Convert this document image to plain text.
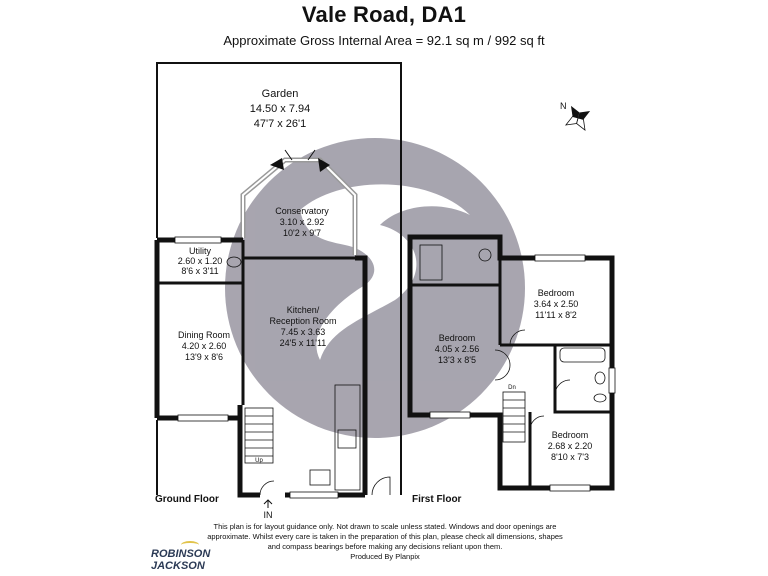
Vale Road, DA1
Approximate Gross Internal Area = 92.1 sq m / 992 sq ft
N
Garden
14.50 x 7.94
47'7 x 26'1
Conservatory
3.10 x 2.92
10'2 x 9'7
Utility
2.60 x 1.20
8'6 x 3'11
Kitchen/
Reception Room
7.45 x 3.63
24'5 x 11'11
Dining Room
4.20 x 2.60
13'9 x 8'6
Up
IN
Ground Floor
Bedroom
3.64 x 2.50
11'11 x 8'2
Bedroom
4.05 x 2.56
13'3 x 8'5
Bedroom
2.68 x 2.20
8'10 x 7'3
Dn
First Floor
This plan is for layout guidance only. Not drawn to scale unless stated. Windows and door openings are approximate. Whilst every care is taken in the preparation of this plan, please check all dimensions, shapes and compass bearings before making any decisions reliant upon them.
Produced By Planpix
ROBINSON
JACKSON
